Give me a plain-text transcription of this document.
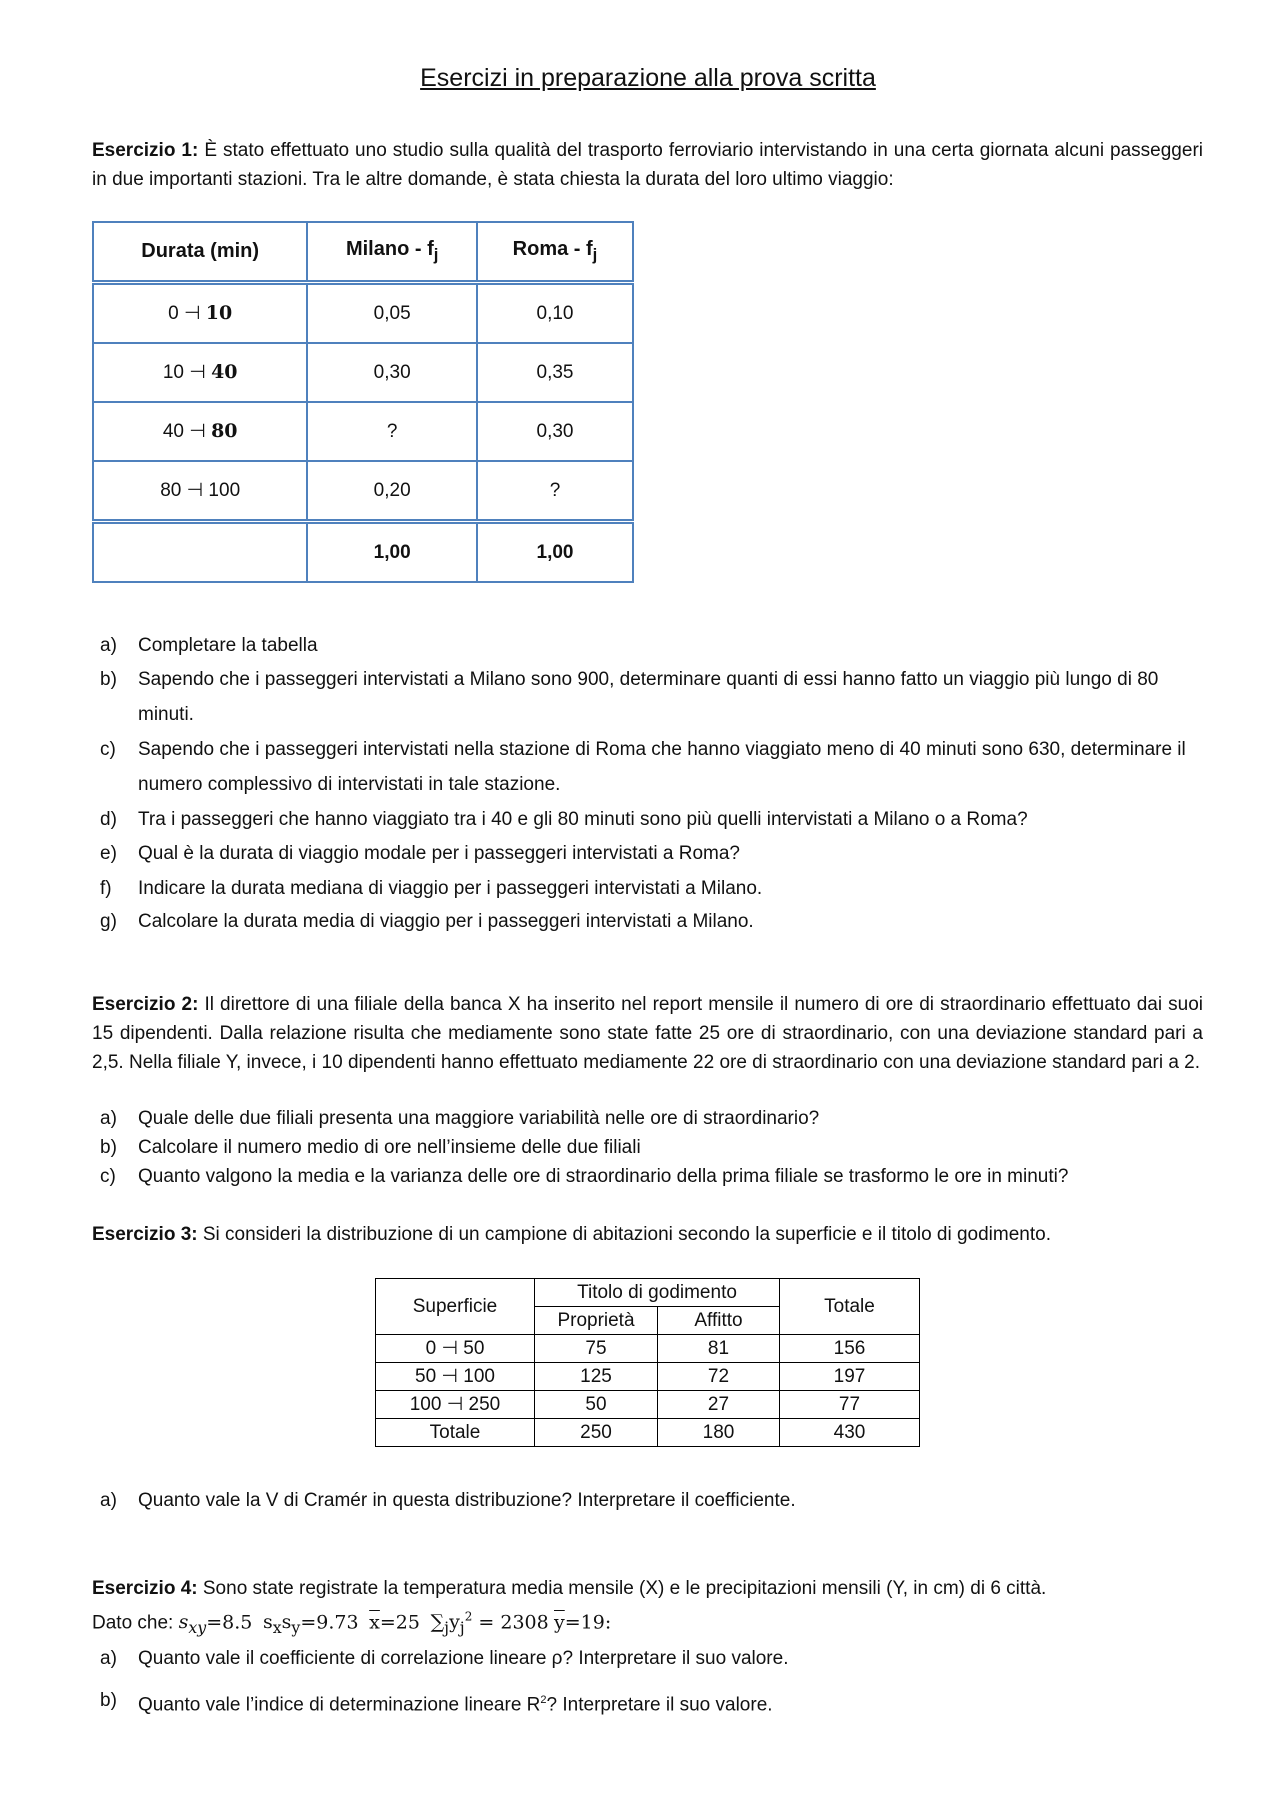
Esercizi in preparazione alla prova scritta
Esercizio 1: È stato effettuato uno studio sulla qualità del trasporto ferroviario intervistando in una certa giornata alcuni passeggeri in due importanti stazioni. Tra le altre domande, è stata chiesta la durata del loro ultimo viaggio:
Durata (min)	Milano - $f_j$	Roma - $f_j$
0 ⊣ 10	0,05	0,10
10 ⊣ 40	0,30	0,35
40 ⊣ 80	?	0,30
80 ⊣ 100	0,20	?
	1,00	1,00
a) Completare la tabella
b) Sapendo che i passeggeri intervistati a Milano sono 900, determinare quanti di essi hanno fatto un viaggio più lungo di 80 minuti.
c) Sapendo che i passeggeri intervistati nella stazione di Roma che hanno viaggiato meno di 40 minuti sono 630, determinare il numero complessivo di intervistati in tale stazione.
d) Tra i passeggeri che hanno viaggiato tra i 40 e gli 80 minuti sono più quelli intervistati a Milano o a Roma?
e) Qual è la durata di viaggio modale per i passeggeri intervistati a Roma?
f) Indicare la durata mediana di viaggio per i passeggeri intervistati a Milano.
g) Calcolare la durata media di viaggio per i passeggeri intervistati a Milano.
Esercizio 2: Il direttore di una filiale della banca X ha inserito nel report mensile il numero di ore di straordinario effettuato dai suoi 15 dipendenti. Dalla relazione risulta che mediamente sono state fatte 25 ore di straordinario, con una deviazione standard pari a 2,5. Nella filiale Y, invece, i 10 dipendenti hanno effettuato mediamente 22 ore di straordinario con una deviazione standard pari a 2.
a) Quale delle due filiali presenta una maggiore variabilità nelle ore di straordinario?
b) Calcolare il numero medio di ore nell’insieme delle due filiali
c) Quanto valgono la media e la varianza delle ore di straordinario della prima filiale se trasformo le ore in minuti?
Esercizio 3: Si consideri la distribuzione di un campione di abitazioni secondo la superficie e il titolo di godimento.
Superficie	Titolo di godimento		Totale
	Proprietà	Affitto	
0 ⊣ 50	75	81	156
50 ⊣ 100	125	72	197
100 ⊣ 250	50	27	77
Totale	250	180	430
a) Quanto vale la V di Cramér in questa distribuzione? Interpretare il coefficiente.
Esercizio 4: Sono state registrate la temperatura media mensile (X) e le precipitazioni mensili (Y, in cm) di 6 città.
Dato che: $s_{xy}=8.5$ $s_xs_y=9.73$ $\overline{x}=25$ $\sum_jy_j^2 = 2308$ $\overline{y}=19$:
a) Quanto vale il coefficiente di correlazione lineare ρ? Interpretare il suo valore.
b) Quanto vale l’indice di determinazione lineare $R^2$? Interpretare il suo valore.
